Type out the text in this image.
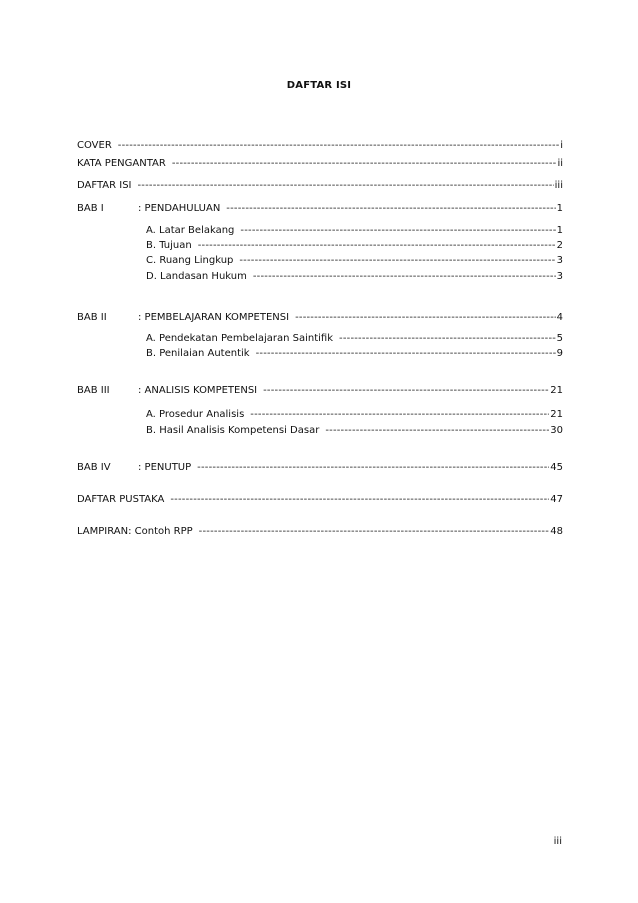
DAFTAR ISI
COVER -----	i
KATA PENGANTAR -----	ii
DAFTAR ISI -----	iii
BAB I	: PENDAHULUAN -----	1
A. Latar Belakang -----	1
B. Tujuan -----	2
C. Ruang Lingkup -----	3
D. Landasan Hukum -----	3
BAB II	: PEMBELAJARAN KOMPETENSI -----	4
A. Pendekatan Pembelajaran Saintifik -----	5
B. Penilaian Autentik -----	9
BAB III	: ANALISIS KOMPETENSI -----	21
A. Prosedur Analisis -----	21
B. Hasil Analisis Kompetensi Dasar -----	30
BAB IV	: PENUTUP -----	45
DAFTAR PUSTAKA -----	47
LAMPIRAN: Contoh RPP -----	48
iii
